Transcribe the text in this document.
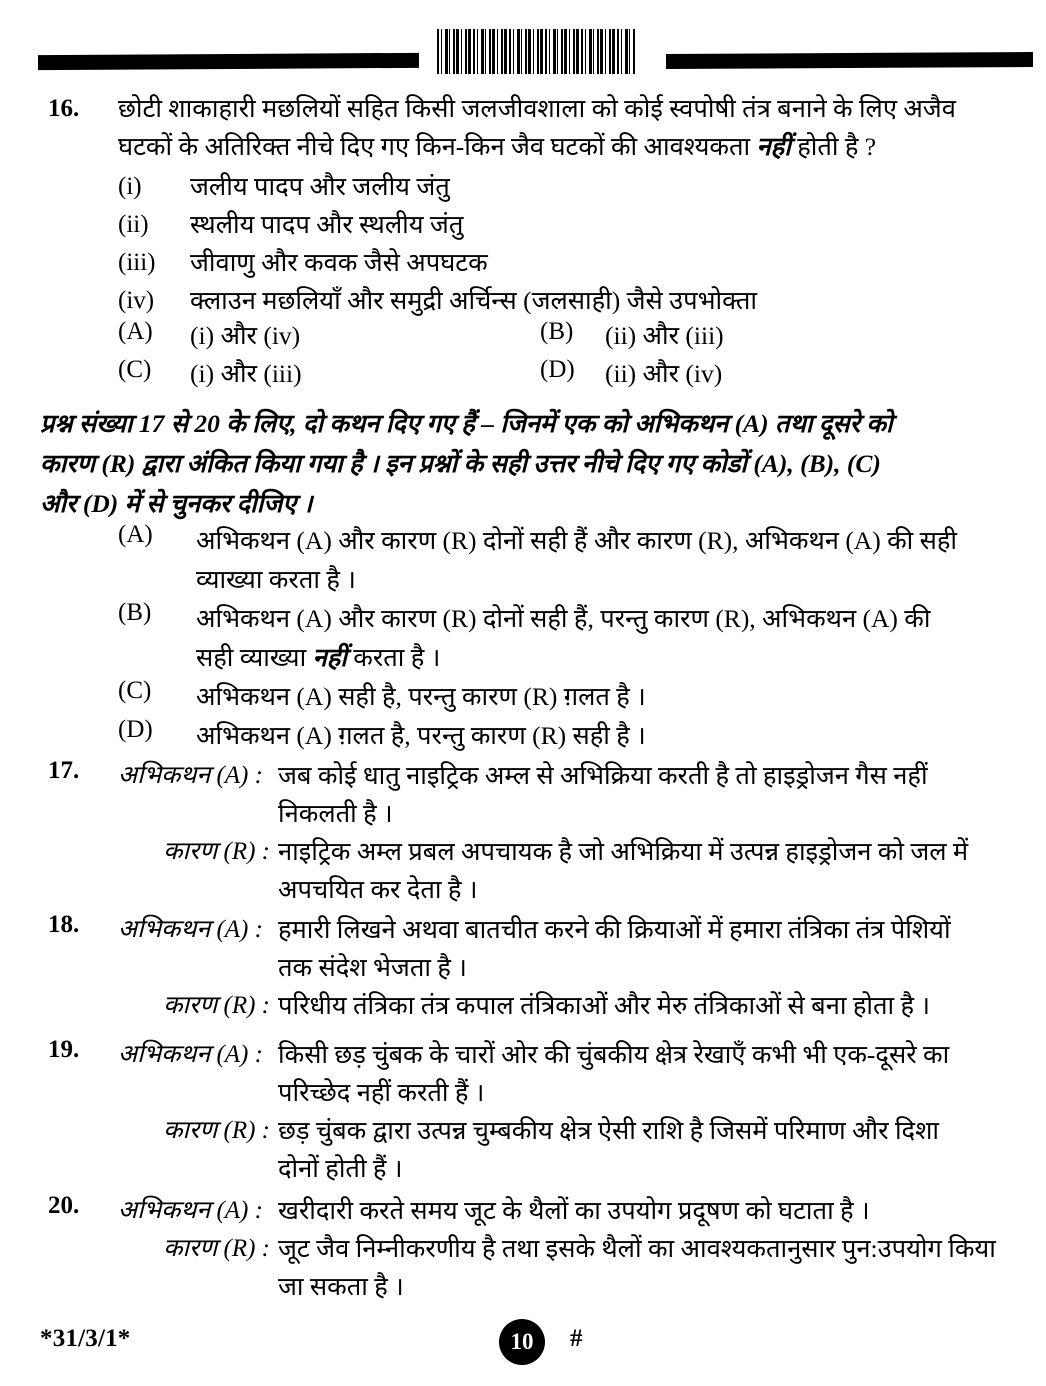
16.	छोटी शाकाहारी मछलियों सहित किसी जलजीवशाला को कोई स्वपोषी तंत्र बनाने के लिए अजैव
घटकों के अतिरिक्त नीचे दिए गए किन-किन जैव घटकों की आवश्यकता नहीं होती है ?
(i)	जलीय पादप और जलीय जंतु
(ii)	स्थलीय पादप और स्थलीय जंतु
(iii)	जीवाणु और कवक जैसे अपघटक
(iv)	क्लाउन मछलियाँ और समुद्री अर्चिन्स (जलसाही) जैसे उपभोक्ता
(A) (i) और (iv)	(B) (ii) और (iii)
(C) (i) और (iii)	(D) (ii) और (iv)
प्रश्न संख्या 17 से 20 के लिए, दो कथन दिए गए हैं – जिनमें एक को अभिकथन (A) तथा दूसरे को
कारण (R) द्वारा अंकित किया गया है । इन प्रश्नों के सही उत्तर नीचे दिए गए कोडों (A), (B), (C)
और (D) में से चुनकर दीजिए ।
(A)	अभिकथन (A) और कारण (R) दोनों सही हैं और कारण (R), अभिकथन (A) की सही
व्याख्या करता है ।
(B)	अभिकथन (A) और कारण (R) दोनों सही हैं, परन्तु कारण (R), अभिकथन (A) की
सही व्याख्या नहीं करता है ।
(C)	अभिकथन (A) सही है, परन्तु कारण (R) ग़लत है ।
(D)	अभिकथन (A) ग़लत है, परन्तु कारण (R) सही है ।
17. अभिकथन (A) : जब कोई धातु नाइट्रिक अम्ल से अभिक्रिया करती है तो हाइड्रोजन गैस नहीं
निकलती है ।
कारण (R) : नाइट्रिक अम्ल प्रबल अपचायक है जो अभिक्रिया में उत्पन्न हाइड्रोजन को जल में
अपचयित कर देता है ।
18. अभिकथन (A) : हमारी लिखने अथवा बातचीत करने की क्रियाओं में हमारा तंत्रिका तंत्र पेशियों
तक संदेश भेजता है ।
कारण (R) : परिधीय तंत्रिका तंत्र कपाल तंत्रिकाओं और मेरु तंत्रिकाओं से बना होता है ।
19. अभिकथन (A) : किसी छड़ चुंबक के चारों ओर की चुंबकीय क्षेत्र रेखाएँ कभी भी एक-दूसरे का
परिच्छेद नहीं करती हैं ।
कारण (R) : छड़ चुंबक द्वारा उत्पन्न चुम्बकीय क्षेत्र ऐसी राशि है जिसमें परिमाण और दिशा
दोनों होती हैं ।
20. अभिकथन (A) : खरीदारी करते समय जूट के थैलों का उपयोग प्रदूषण को घटाता है ।
कारण (R) : जूट जैव निम्नीकरणीय है तथा इसके थैलों का आवश्यकतानुसार पुन:उपयोग किया
जा सकता है ।
*31/3/1*	10	#
